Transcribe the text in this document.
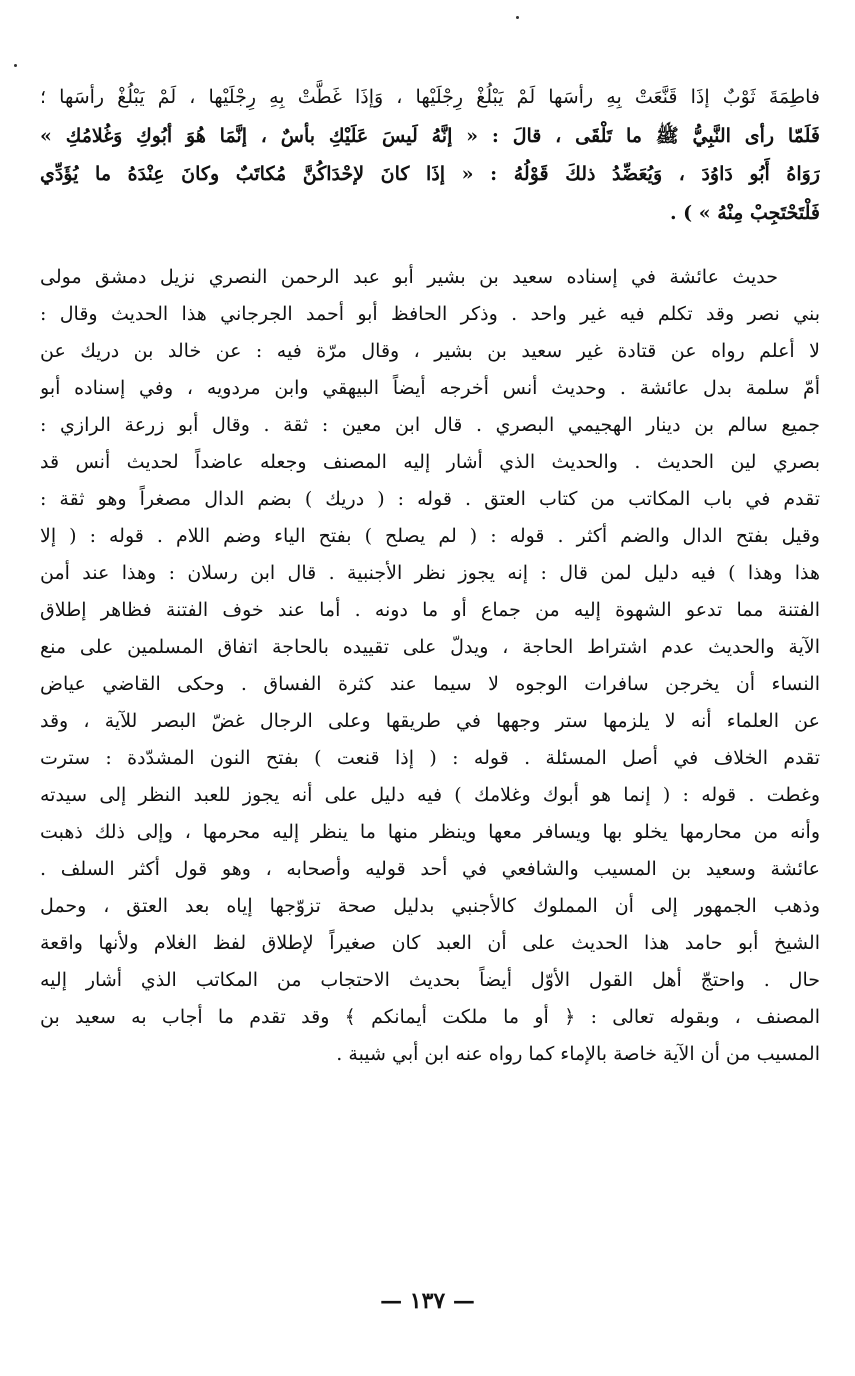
فاطِمَةَ ثَوْبٌ إذَا قَنَّعَتْ بِهِ رأسَها لَمْ يَبْلُغْ رِجْلَيْها ، وَإذَا غَطَّتْ بِهِ رِجْلَيْها ، لَمْ يَبْلُغْ رأسَها ؛
فَلَمّا رأى النَّبِيُّ ﷺ ما تَلْقَى ، قالَ : « إنَّهُ لَيسَ عَلَيْكِ بأسٌ ، إنَّمَا هُوَ أبُوكِ وَغُلامُكِ »
رَوَاهُ أَبُو دَاوُدَ ، وَيُعَضِّدُ ذلكَ قَوْلُهُ : « إذَا كانَ لإحْدَاكُنَّ مُكاتَبٌ وكانَ عِنْدَهُ ما يُؤَدِّي
فَلْتَحْتَجِبْ مِنْهُ » ) .
حديث عائشة في إسناده سعيد بن بشير أبو عبد الرحمن النصري نزيل دمشق مولى
بني نصر وقد تكلم فيه غير واحد . وذكر الحافظ أبو أحمد الجرجاني هذا الحديث وقال :
لا أعلم رواه عن قتادة غير سعيد بن بشير ، وقال مرّة فيه : عن خالد بن دريك عن
أمّ سلمة بدل عائشة . وحديث أنس أخرجه أيضاً البيهقي وابن مردويه ، وفي إسناده أبو
جميع سالم بن دينار الهجيمي البصري . قال ابن معين : ثقة . وقال أبو زرعة الرازي :
بصري لين الحديث . والحديث الذي أشار إليه المصنف وجعله عاضداً لحديث أنس قد
تقدم في باب المكاتب من كتاب العتق . قوله : ( دريك ) بضم الدال مصغراً وهو ثقة :
وقيل بفتح الدال والضم أكثر . قوله : ( لم يصلح ) بفتح الياء وضم اللام . قوله : ( إلا
هذا وهذا ) فيه دليل لمن قال : إنه يجوز نظر الأجنبية . قال ابن رسلان : وهذا عند أمن
الفتنة مما تدعو الشهوة إليه من جماع أو ما دونه . أما عند خوف الفتنة فظاهر إطلاق
الآية والحديث عدم اشتراط الحاجة ، ويدلّ على تقييده بالحاجة اتفاق المسلمين على منع
النساء أن يخرجن سافرات الوجوه لا سيما عند كثرة الفساق . وحكى القاضي عياض
عن العلماء أنه لا يلزمها ستر وجهها في طريقها وعلى الرجال غضّ البصر للآية ، وقد
تقدم الخلاف في أصل المسئلة . قوله : ( إذا قنعت ) بفتح النون المشدّدة : سترت
وغطت . قوله : ( إنما هو أبوك وغلامك ) فيه دليل على أنه يجوز للعبد النظر إلى سيدته
وأنه من محارمها يخلو بها ويسافر معها وينظر منها ما ينظر إليه محرمها ، وإلى ذلك ذهبت
عائشة وسعيد بن المسيب والشافعي في أحد قوليه وأصحابه ، وهو قول أكثر السلف .
وذهب الجمهور إلى أن المملوك كالأجنبي بدليل صحة تزوّجها إياه بعد العتق ، وحمل
الشيخ أبو حامد هذا الحديث على أن العبد كان صغيراً لإطلاق لفظ الغلام ولأنها واقعة
حال . واحتجّ أهل القول الأوّل أيضاً بحديث الاحتجاب من المكاتب الذي أشار إليه
المصنف ، وبقوله تعالى : ﴿ أو ما ملكت أيمانكم ﴾ وقد تقدم ما أجاب به سعيد بن
المسيب من أن الآية خاصة بالإماء كما رواه عنه ابن أبي شيبة .
— ١٣٧ —
